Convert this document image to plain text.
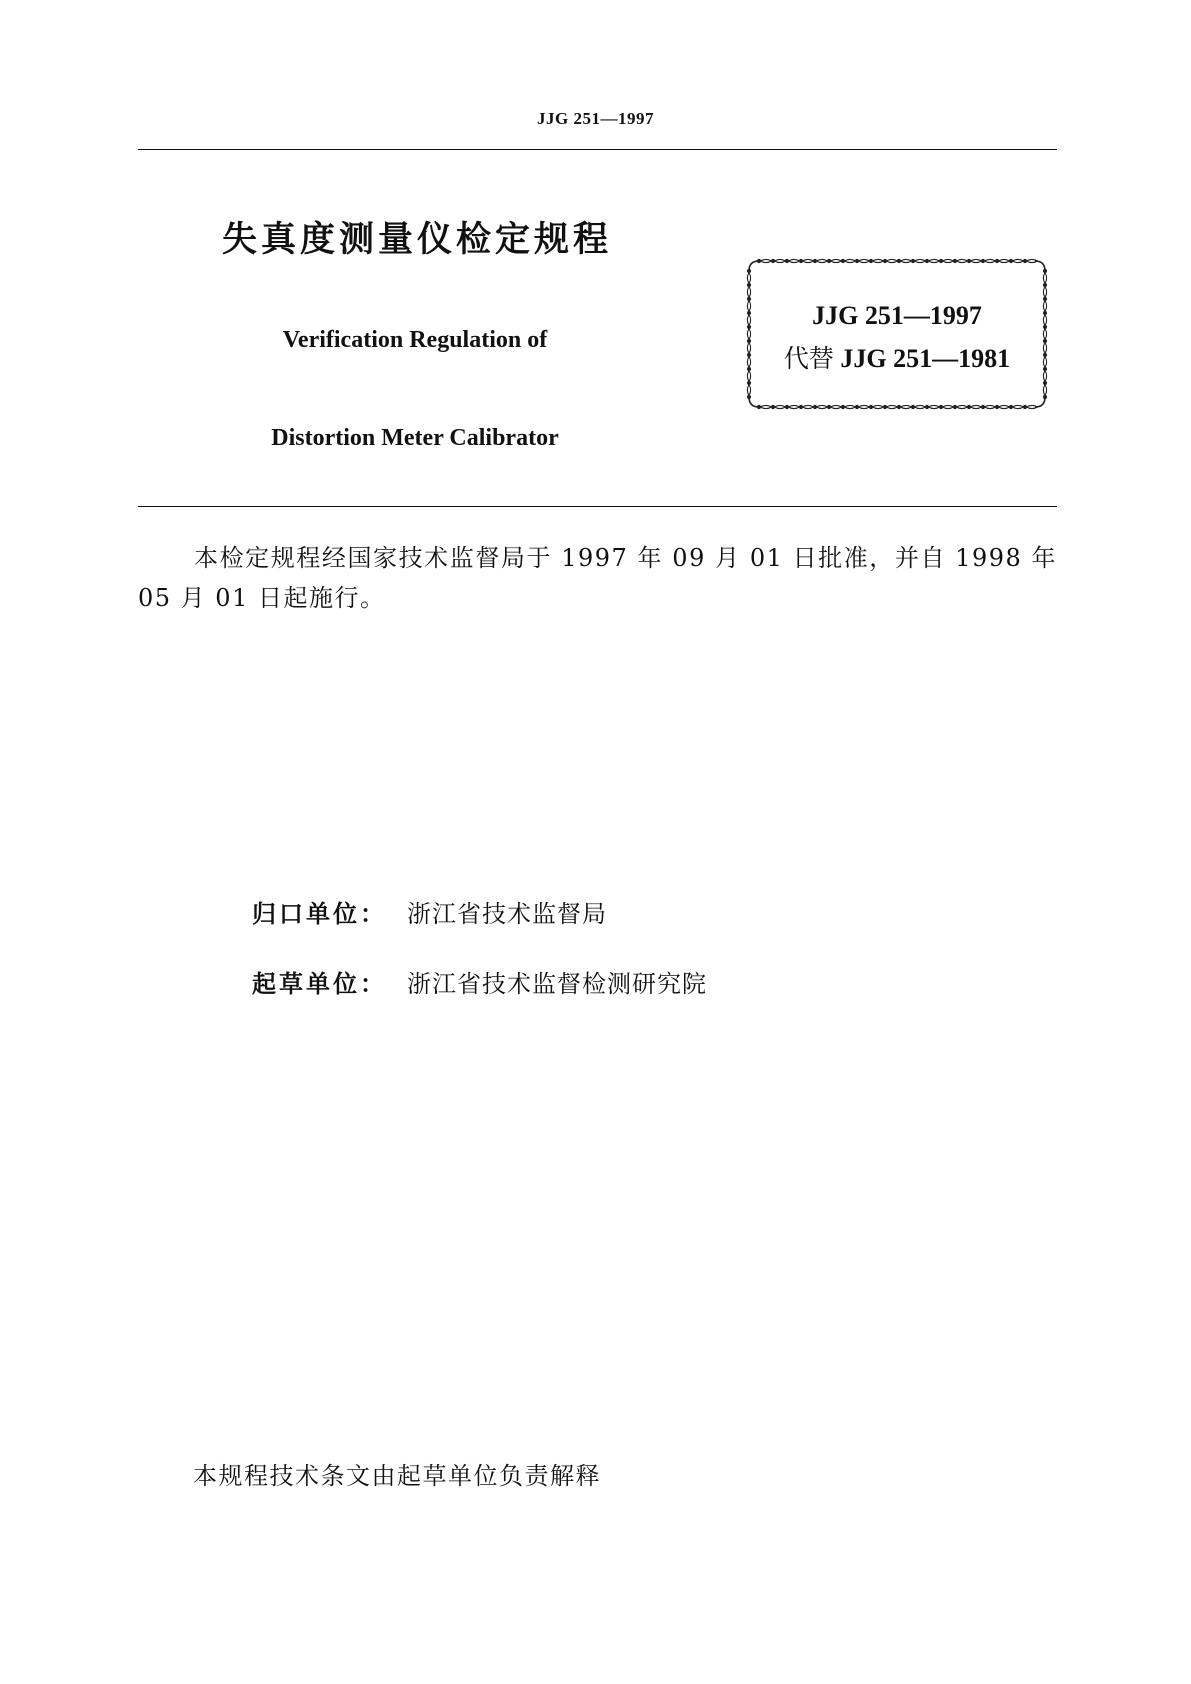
JJG 251—1997
失真度测量仪检定规程
Verification Regulation of
Distortion Meter Calibrator
JJG 251—1997
代替 JJG 251—1981
本检定规程经国家技术监督局于 1997 年 09 月 01 日批准，并自 1998 年 05 月 01 日起施行。
归口单位： 浙江省技术监督局
起草单位： 浙江省技术监督检测研究院
本规程技术条文由起草单位负责解释
